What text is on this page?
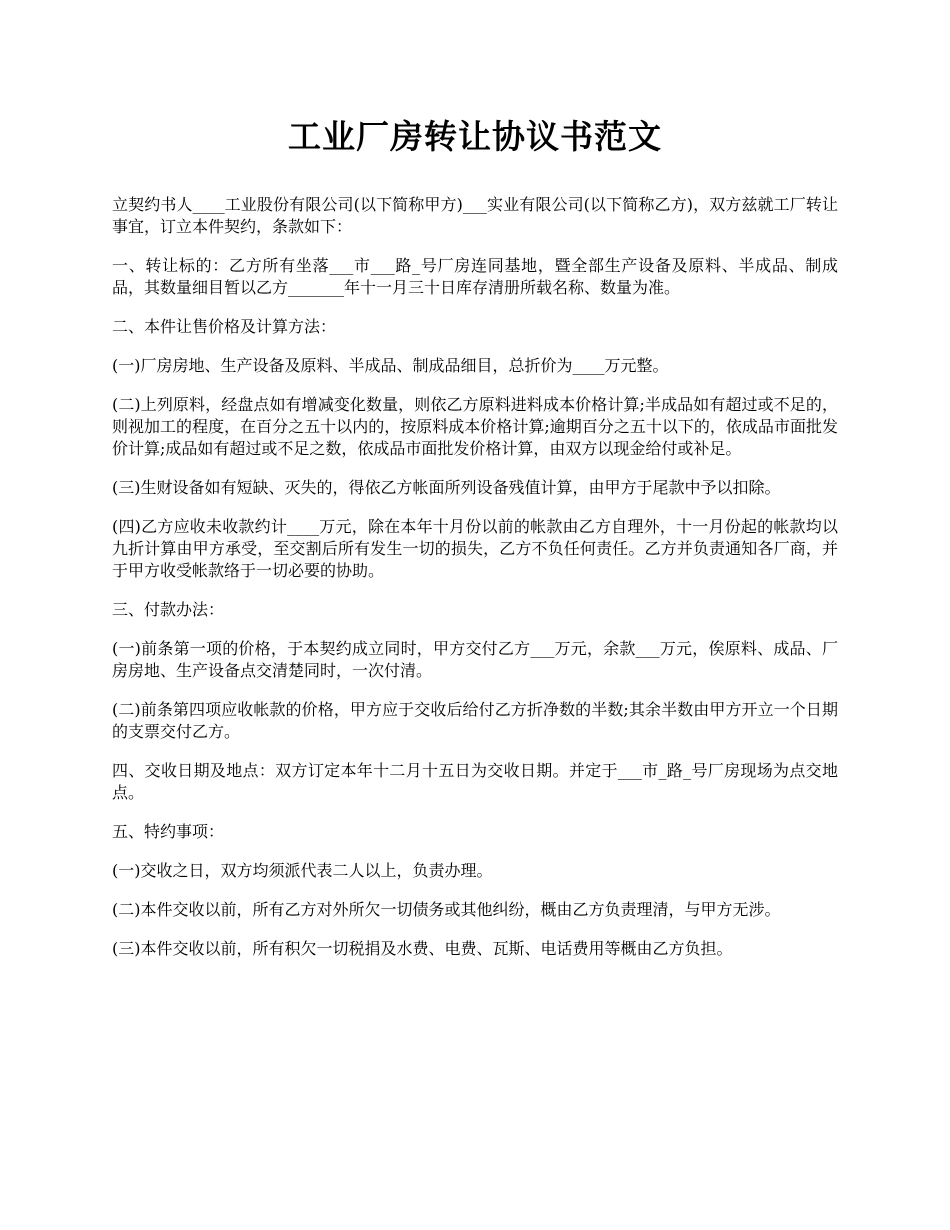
工业厂房转让协议书范文

立契约书人____工业股份有限公司(以下简称甲方)___实业有限公司(以下简称乙方)，双方兹就工厂转让事宜，订立本件契约，条款如下：

一、转让标的：乙方所有坐落___市___路_号厂房连同基地，暨全部生产设备及原料、半成品、制成品，其数量细目暂以乙方_______年十一月三十日库存清册所载名称、数量为准。

二、本件让售价格及计算方法：

(一)厂房房地、生产设备及原料、半成品、制成品细目，总折价为____万元整。

(二)上列原料，经盘点如有增减变化数量，则依乙方原料进料成本价格计算;半成品如有超过或不足的，则视加工的程度，在百分之五十以内的，按原料成本价格计算;逾期百分之五十以下的，依成品市面批发价计算;成品如有超过或不足之数，依成品市面批发价格计算，由双方以现金给付或补足。

(三)生财设备如有短缺、灭失的，得依乙方帐面所列设备残值计算，由甲方于尾款中予以扣除。

(四)乙方应收未收款约计____万元，除在本年十月份以前的帐款由乙方自理外，十一月份起的帐款均以九折计算由甲方承受，至交割后所有发生一切的损失，乙方不负任何责任。乙方并负责通知各厂商，并于甲方收受帐款络于一切必要的协助。

三、付款办法：

(一)前条第一项的价格，于本契约成立同时，甲方交付乙方___万元，余款___万元，俟原料、成品、厂房房地、生产设备点交清楚同时，一次付清。

(二)前条第四项应收帐款的价格，甲方应于交收后给付乙方折净数的半数;其余半数由甲方开立一个日期的支票交付乙方。

四、交收日期及地点：双方订定本年十二月十五日为交收日期。并定于___市_路_号厂房现场为点交地点。

五、特约事项：

(一)交收之日，双方均须派代表二人以上，负责办理。

(二)本件交收以前，所有乙方对外所欠一切债务或其他纠纷，概由乙方负责理清，与甲方无涉。

(三)本件交收以前，所有积欠一切税捐及水费、电费、瓦斯、电话费用等概由乙方负担。
